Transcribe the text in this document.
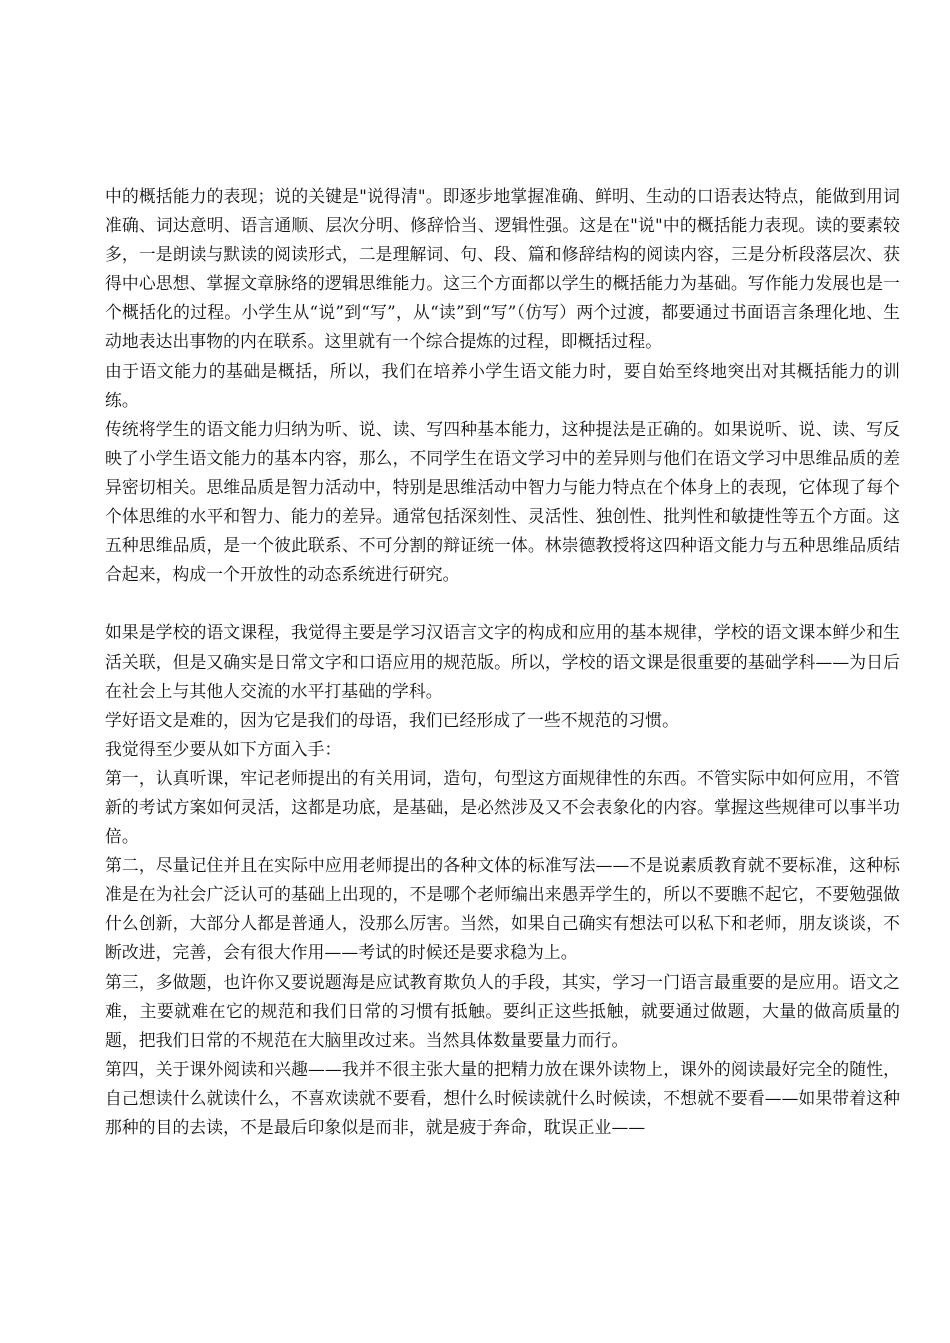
中的概括能力的表现；说的关键是"说得清"。即逐步地掌握准确、鲜明、生动的口语表达特点，能做到用词准确、词达意明、语言通顺、层次分明、修辞恰当、逻辑性强。这是在"说"中的概括能力表现。读的要素较多，一是朗读与默读的阅读形式，二是理解词、句、段、篇和修辞结构的阅读内容，三是分析段落层次、获得中心思想、掌握文章脉络的逻辑思维能力。这三个方面都以学生的概括能力为基础。写作能力发展也是一个概括化的过程。小学生从“说”到“写”，从“读”到“写”（仿写）两个过渡，都要通过书面语言条理化地、生动地表达出事物的内在联系。这里就有一个综合提炼的过程，即概括过程。

由于语文能力的基础是概括，所以，我们在培养小学生语文能力时，要自始至终地突出对其概括能力的训练。

传统将学生的语文能力归纳为听、说、读、写四种基本能力，这种提法是正确的。如果说听、说、读、写反映了小学生语文能力的基本内容，那么，不同学生在语文学习中的差异则与他们在语文学习中思维品质的差异密切相关。思维品质是智力活动中，特别是思维活动中智力与能力特点在个体身上的表现，它体现了每个个体思维的水平和智力、能力的差异。通常包括深刻性、灵活性、独创性、批判性和敏捷性等五个方面。这五种思维品质，是一个彼此联系、不可分割的辩证统一体。林崇德教授将这四种语文能力与五种思维品质结合起来，构成一个开放性的动态系统进行研究。

如果是学校的语文课程，我觉得主要是学习汉语言文字的构成和应用的基本规律，学校的语文课本鲜少和生活关联，但是又确实是日常文字和口语应用的规范版。所以，学校的语文课是很重要的基础学科——为日后在社会上与其他人交流的水平打基础的学科。

学好语文是难的，因为它是我们的母语，我们已经形成了一些不规范的习惯。

我觉得至少要从如下方面入手：

第一，认真听课，牢记老师提出的有关用词，造句，句型这方面规律性的东西。不管实际中如何应用，不管新的考试方案如何灵活，这都是功底，是基础，是必然涉及又不会表象化的内容。掌握这些规律可以事半功倍。

第二，尽量记住并且在实际中应用老师提出的各种文体的标准写法——不是说素质教育就不要标准，这种标准是在为社会广泛认可的基础上出现的，不是哪个老师编出来愚弄学生的，所以不要瞧不起它，不要勉强做什么创新，大部分人都是普通人，没那么厉害。当然，如果自己确实有想法可以私下和老师，朋友谈谈，不断改进，完善，会有很大作用——考试的时候还是要求稳为上。

第三，多做题，也许你又要说题海是应试教育欺负人的手段，其实，学习一门语言最重要的是应用。语文之难，主要就难在它的规范和我们日常的习惯有抵触。要纠正这些抵触，就要通过做题，大量的做高质量的题，把我们日常的不规范在大脑里改过来。当然具体数量要量力而行。

第四，关于课外阅读和兴趣——我并不很主张大量的把精力放在课外读物上，课外的阅读最好完全的随性，自己想读什么就读什么，不喜欢读就不要看，想什么时候读就什么时候读，不想就不要看——如果带着这种那种的目的去读，不是最后印象似是而非，就是疲于奔命，耽误正业——
